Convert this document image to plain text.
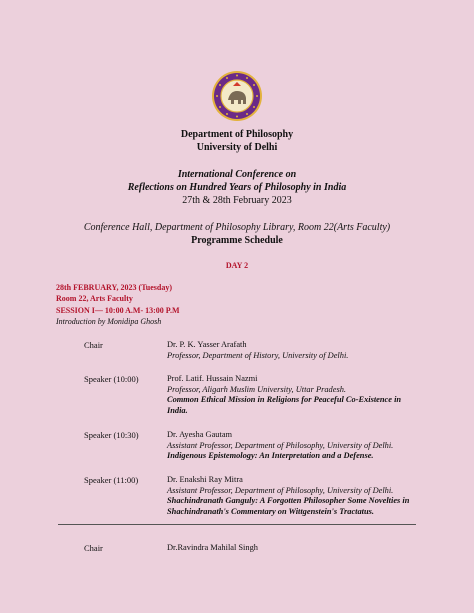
Department of Philosophy
University of Delhi
International Conference on
Reflections on Hundred Years of Philosophy in India
27th & 28th February 2023
Conference Hall, Department of Philosophy Library, Room 22(Arts Faculty)
Programme Schedule
DAY 2
28th FEBRUARY, 2023 (Tuesday)
Room 22, Arts Faculty
SESSION I— 10:00 A.M- 13:00 P.M
Introduction by Monidipa Ghosh
Chair	Dr. P. K. Yasser Arafath
Professor, Department of History, University of Delhi.
Speaker (10:00)	Prof. Latif. Hussain Nazmi
Professor, Aligarh Muslim University, Uttar Pradesh.
Common Ethical Mission in Religions for Peaceful Co-Existence in India.
Speaker (10:30)	Dr. Ayesha Gautam
Assistant Professor, Department of Philosophy, University of Delhi.
Indigenous Epistemology: An Interpretation and a Defense.
Speaker (11:00)	Dr. Enakshi Ray Mitra
Assistant Professor, Department of Philosophy, University of Delhi.
Shachindranath Ganguly: A Forgotten Philosopher Some Novelties in Shachindranath's Commentary on Wittgenstein's Tractatus.
Chair	Dr.Ravindra Mahilal Singh
